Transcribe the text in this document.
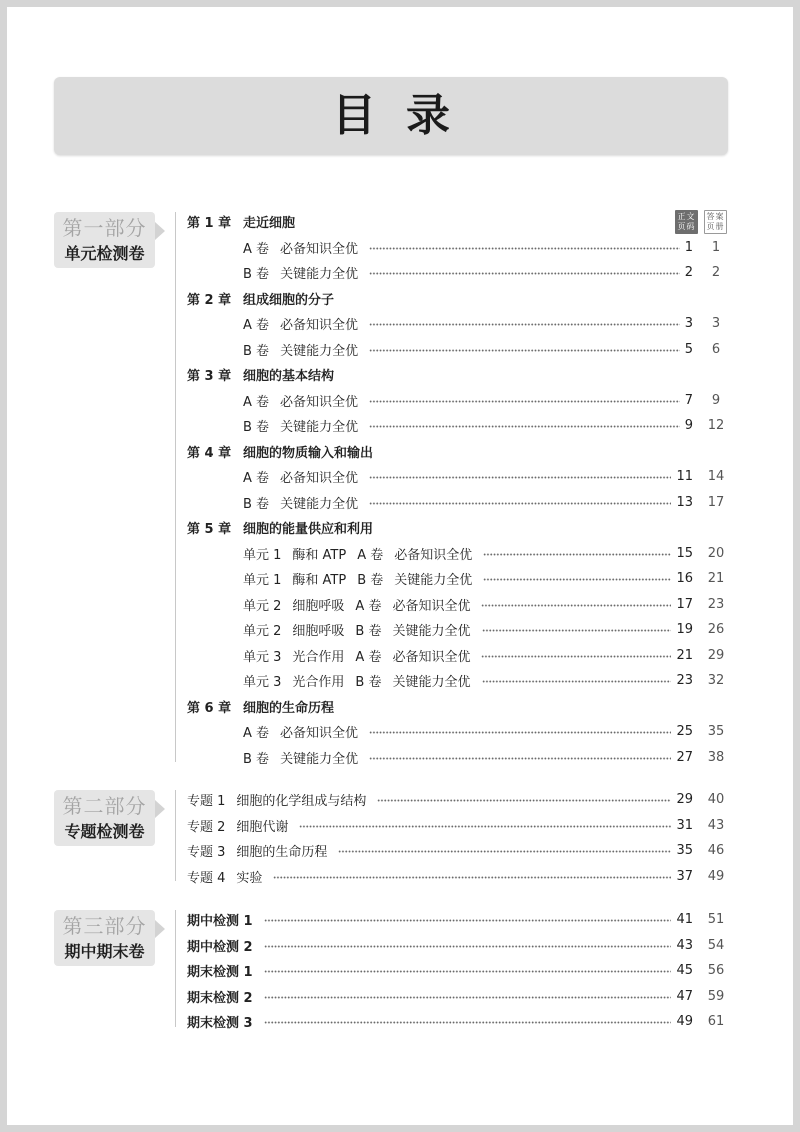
目录
正文
页码
答案
页册
第一部分
单元检测卷
第 1 章 走近细胞
A 卷 必备知识全优	1	1
B 卷 关键能力全优	2	2
第 2 章 组成细胞的分子
A 卷 必备知识全优	3	3
B 卷 关键能力全优	5	6
第 3 章 细胞的基本结构
A 卷 必备知识全优	7	9
B 卷 关键能力全优	9	12
第 4 章 细胞的物质输入和输出
A 卷 必备知识全优	11	14
B 卷 关键能力全优	13	17
第 5 章 细胞的能量供应和利用
单元 1 酶和 ATP A 卷 必备知识全优	15	20
单元 1 酶和 ATP B 卷 关键能力全优	16	21
单元 2 细胞呼吸 A 卷 必备知识全优	17	23
单元 2 细胞呼吸 B 卷 关键能力全优	19	26
单元 3 光合作用 A 卷 必备知识全优	21	29
单元 3 光合作用 B 卷 关键能力全优	23	32
第 6 章 细胞的生命历程
A 卷 必备知识全优	25	35
B 卷 关键能力全优	27	38
第二部分
专题检测卷
专题 1 细胞的化学组成与结构	29	40
专题 2 细胞代谢	31	43
专题 3 细胞的生命历程	35	46
专题 4 实验	37	49
第三部分
期中期末卷
期中检测 1	41	51
期中检测 2	43	54
期末检测 1	45	56
期末检测 2	47	59
期末检测 3	49	61
